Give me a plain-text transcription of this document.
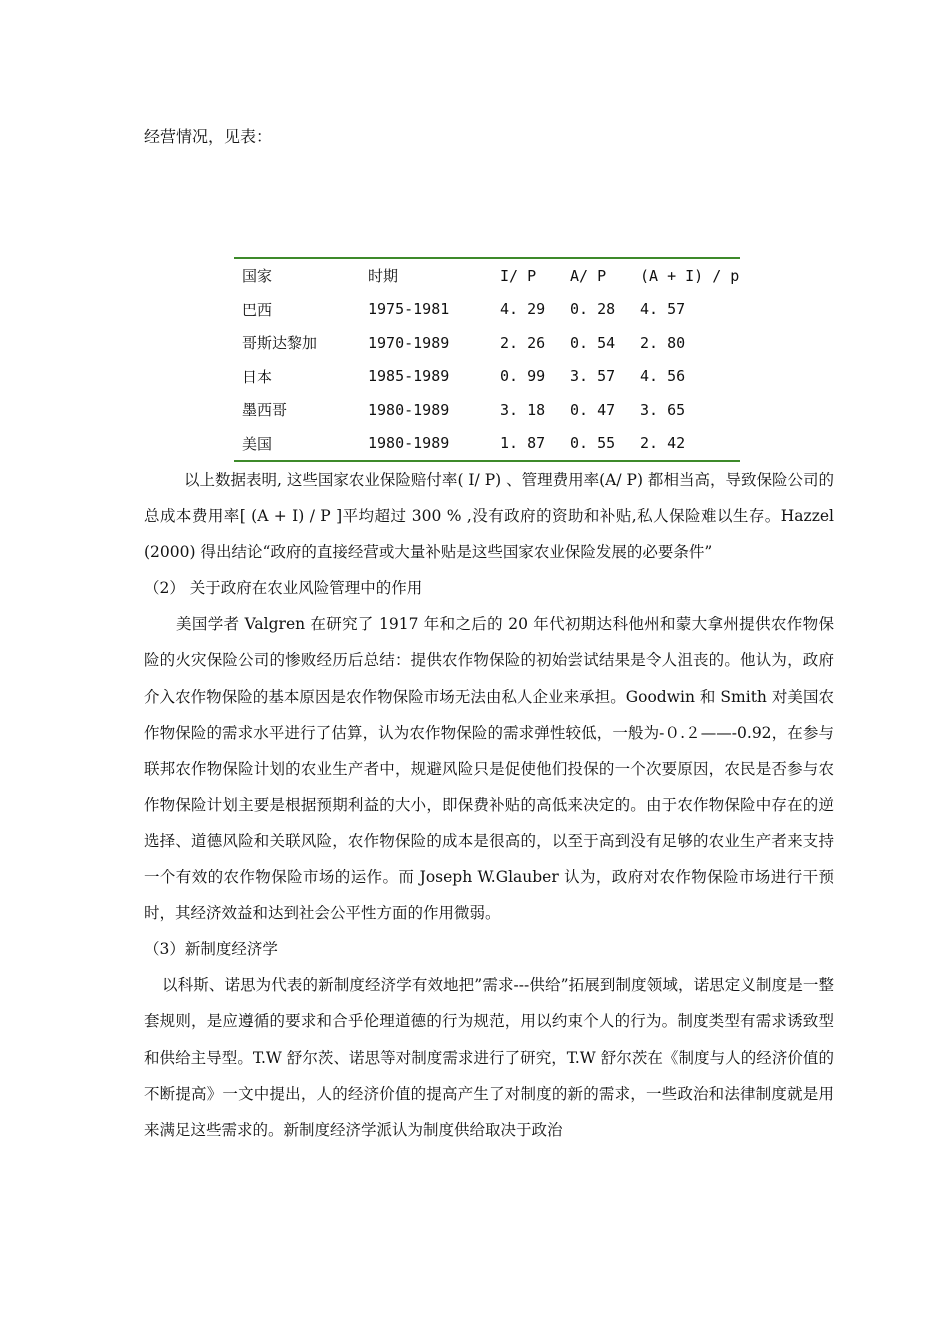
经营情况，见表：
国家	时期	I/ P	A/ P	(A + I) / p
巴西	1975-1981	4. 29	0. 28	4. 57
哥斯达黎加	1970-1989	2. 26	0. 54	2. 80
日本	1985-1989	0. 99	3. 57	4. 56
墨西哥	1980-1989	3. 18	0. 47	3. 65
美国	1980-1989	1. 87	0. 55	2. 42

以上数据表明, 这些国家农业保险赔付率( I/ P) 、管理费用率(A/ P) 都相当高，导致保险公司的总成本费用率[ (A + I) / P ]平均超过 300 % ,没有政府的资助和补贴,私人保险难以生存。Hazzel (2000) 得出结论“政府的直接经营或大量补贴是这些国家农业保险发展的必要条件”

（2） 关于政府在农业风险管理中的作用

美国学者 Valgren 在研究了 1917 年和之后的 20 年代初期达科他州和蒙大拿州提供农作物保险的火灾保险公司的惨败经历后总结：提供农作物保险的初始尝试结果是令人沮丧的。他认为，政府介入农作物保险的基本原因是农作物保险市场无法由私人企业来承担。Goodwin 和 Smith 对美国农作物保险的需求水平进行了估算，认为农作物保险的需求弹性较低，一般为-０.２——-0.92，在参与联邦农作物保险计划的农业生产者中，规避风险只是促使他们投保的一个次要原因，农民是否参与农作物保险计划主要是根据预期利益的大小，即保费补贴的高低来决定的。由于农作物保险中存在的逆选择、道德风险和关联风险，农作物保险的成本是很高的，以至于高到没有足够的农业生产者来支持一个有效的农作物保险市场的运作。而 Joseph W.Glauber 认为，政府对农作物保险市场进行干预时，其经济效益和达到社会公平性方面的作用微弱。

（3）新制度经济学

以科斯、诺思为代表的新制度经济学有效地把”需求---供给”拓展到制度领域，诺思定义制度是一整套规则，是应遵循的要求和合乎伦理道德的行为规范，用以约束个人的行为。制度类型有需求诱致型和供给主导型。T.W 舒尔茨、诺思等对制度需求进行了研究，T.W 舒尔茨在《制度与人的经济价值的不断提高》一文中提出，人的经济价值的提高产生了对制度的新的需求，一些政治和法律制度就是用来满足这些需求的。新制度经济学派认为制度供给取决于政治
